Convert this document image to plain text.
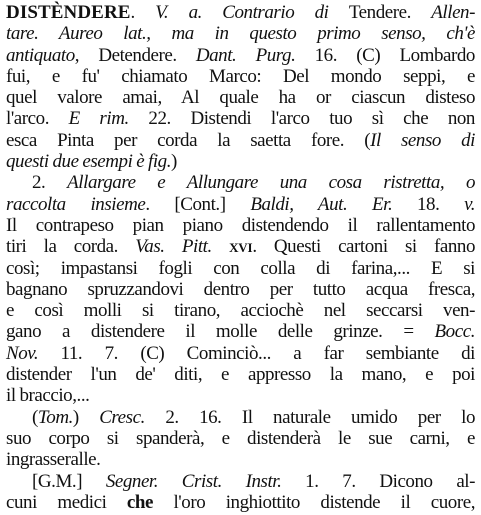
DISTÈNDERE. V. a. Contrario di Tendere. Allen-
tare. Aureo lat., ma in questo primo senso, ch'è
antiquato, Detendere. Dant. Purg. 16. (C) Lombardo
fui, e fu' chiamato Marco: Del mondo seppi, e
quel valore amai, Al quale ha or ciascun disteso
l'arco. E rim. 22. Distendi l'arco tuo sì che non
esca Pinta per corda la saetta fore. (Il senso di
questi due esempi è fig.)
2. Allargare e Allungare una cosa ristretta, o
raccolta insieme. [Cont.] Baldi, Aut. Er. 18. v.
Il contrapeso pian piano distendendo il rallentamento
tiri la corda. Vas. Pitt. xvi. Questi cartoni si fanno
così; impastansi fogli con colla di farina,... E si
bagnano spruzzandovi dentro per tutto acqua fresca,
e così molli si tirano, acciochè nel seccarsi ven-
gano a distendere il molle delle grinze. = Bocc.
Nov. 11. 7. (C) Cominciò... a far sembiante di
distender l'un de' diti, e appresso la mano, e poi
il braccio,...
(Tom.) Cresc. 2. 16. Il naturale umido per lo
suo corpo si spanderà, e distenderà le sue carni, e
ingrasseralle.
[G.M.] Segner. Crist. Instr. 1. 7. Dicono al-
cuni medici che l'oro inghiottito distende il cuore,
